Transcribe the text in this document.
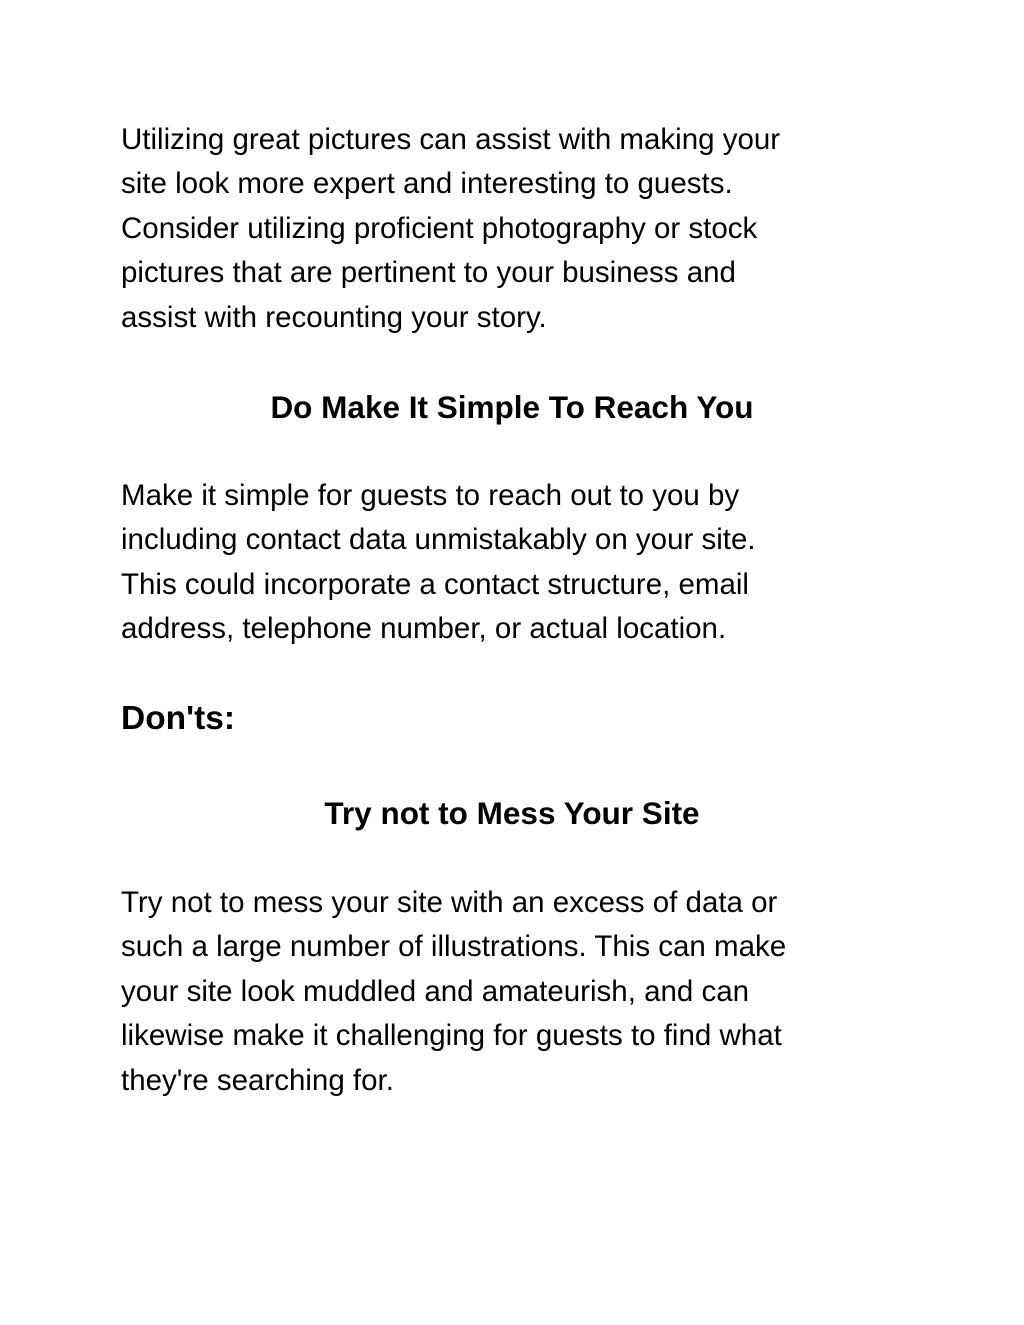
Utilizing great pictures can assist with making your
site look more expert and interesting to guests.
Consider utilizing proficient photography or stock
pictures that are pertinent to your business and
assist with recounting your story.

Do Make It Simple To Reach You

Make it simple for guests to reach out to you by
including contact data unmistakably on your site.
This could incorporate a contact structure, email
address, telephone number, or actual location.

Don'ts:
Try not to Mess Your Site

Try not to mess your site with an excess of data or
such a large number of illustrations. This can make
your site look muddled and amateurish, and can
likewise make it challenging for guests to find what
they're searching for.
